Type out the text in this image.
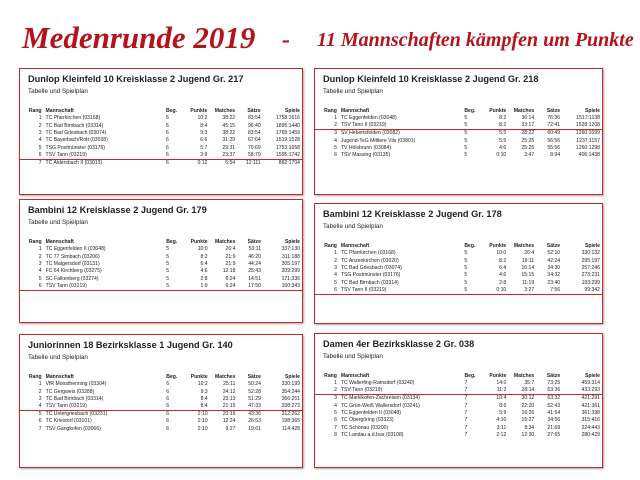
Medenrunde 2019 - 11 Mannschaften kämpfen um Punkte
Dunlop Kleinfeld 10 Kreisklasse 2 Jugend Gr. 217
Tabelle und Spielplan
Rang	Mannschaft	Beg.	Punkte	Matches	Sätze	Spiele
1	TC Pfarrkirchen (03168)	6	10:2	38:22	83:54	1758:1616
2	TC Bad Birnbach (03314)	6	8:4	45:15	96:40	1895:1440
3	TC Bad Griesbach (03074)	6	9:3	38:22	83:54	1765:1459
4	TC Bayerbach/Rott (03028)	6	6:6	31:29	67:64	1519:1528
5	TSG Postmünster (03176)	6	5:7	29:31	70:69	1753:1658
6	TSV Tann (03219)	6	3:9	23:37	58:79	1595:1742
7	TC Aldersbach II (03013)	6	0:12	6:54	12:111	862:1704
Dunlop Kleinfeld 10 Kreisklasse 2 Jugend Gr. 218
Tabelle und Spielplan
Rang	Mannschaft	Beg.	Punkte	Matches	Sätze	Spiele
1	TC Eggenfelden (03048)	5	8:2	36:14	76:36	1517:1138
2	TSV Tann II (03219)	5	8:2	33:17	72:41	1528:1208
3	SV Hebertsfelden (03082)	5	5:5	28:22	60:49	1260:1099
4	Jugend-TeG Mittlere Vils (03801)	5	5:5	25:25	56:56	1237:1157
5	TV Hölsbrunn (03084)	5	4:6	25:25	55:56	1260:1298
6	TSV Massing (03135)	5	0:10	3:47	8:94	406:1438
Bambini 12 Kreisklasse 2 Jugend Gr. 179
Tabelle und Spielplan
Rang	Mannschaft	Beg.	Punkte	Matches	Sätze	Spiele
1	TC Eggenfelden II (03048)	5	10:0	26:4	53:11	337:130
2	TC 77 Simbach (03206)	5	8:2	21:9	46:20	311:188
3	TC Malgersdorf (03131)	5	6:4	21:9	44:24	305:197
4	FC 64 Kirchberg (03275)	5	4:6	12:18	25:43	209:299
5	SC Falkenberg (03274)	5	2:8	6:24	14:51	171:336
6	TSV Tann (03219)	5	1:9	6:24	17:50	160:343
Bambini 12 Kreisklasse 2 Jugend Gr. 178
Tabelle und Spielplan
Rang	Mannschaft	Beg.	Punkte	Matches	Sätze	Spiele
1	TC Pfarrkirchen (03168)	5	10:0	26:4	52:10	330:132
2	TC Anzenkirchen (03020)	5	8:2	19:11	42:24	295:197
3	TC Bad Griesbach (03074)	5	6:4	16:14	34:30	257:246
4	TSG Postmünster (03176)	5	4:6	15:15	34:32	273:231
5	TC Bad Birnbach (03314)	5	2:8	11:19	23:40	193:299
6	TSV Tann II (03219)	5	0:10	3:27	7:56	99:342
Juniorinnen 18 Bezirksklasse 1 Jugend Gr. 140
Tabelle und Spielplan
Rang	Mannschaft	Beg.	Punkte	Matches	Sätze	Spiele
1	VfR Moosthenning (03304)	6	10:2	25:11	50:24	330:199
2	TC Gergweis (03288)	6	9:3	24:12	52:28	354:244
3	TC Bad Birnbach (03314)	6	8:4	23:13	51:29	366:251
4	TSV Tann (03219)	6	8:4	21:15	47:33	338:273
5	TC Untergriesbach (03231)	6	2:10	20:16	43:36	312:262
6	TC Kriestorf (03101)	6	2:10	12:24	26:53	198:365
7	TSV Gangkofen (03066)	6	2:10	9:27	19:61	114:428
Damen 4er Bezirksklasse 2 Gr. 038
Tabelle und Spielplan
Rang	Mannschaft	Beg.	Punkte	Matches	Sätze	Spiele
1	TC Wallerfing-Ramsdorf (03240)	7	14:0	35:7	73:25	459:314
2	TSV Tann (03219)	7	11:3	28:14	63:36	433:293
3	TC Marklkofen-Zachreisen (03134)	7	10:4	30:12	63:32	421:291
4	TC Grün-Weiß Wallersdorf (03241)	7	8:6	22:20	52:43	421:361
5	TC Eggenfelden II (03048)	7	5:9	16:26	41:54	361:398
6	TC Obergöring (03323)	7	4:10	15:27	34:56	315:416
7	TC Schönau (03200)	7	3:11	8:34	21:69	224:443
8	TC Landau a.d.Isar (03108)	7	2:12	12:30	27:65	280:429
